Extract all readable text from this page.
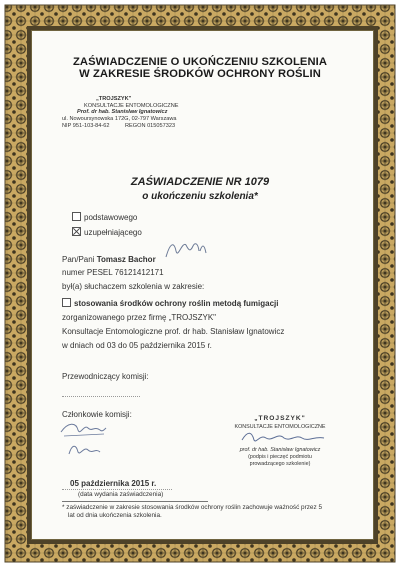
ZAŚWIADCZENIE O UKOŃCZENIU SZKOLENIA
W ZAKRESIE ŚRODKÓW OCHRONY ROŚLIN
„TROJSZYK"
KONSULTACJE ENTOMOLOGICZNE
Prof. dr hab. Stanisław Ignatowicz
ul. Nowoursynowska 172G, 02-797 Warszawa
NIP 951-103-84-62	REGON 015057323
ZAŚWIADCZENIE NR 1079
o ukończeniu szkolenia*
podstawowego
uzupełniającego
Pan/Pani Tomasz Bachor
numer PESEL 76121412171
był(a) słuchaczem szkolenia w zakresie:
stosowania środków ochrony roślin metodą fumigacji
zorganizowanego przez firmę „TROJSZYK"
Konsultacje Entomologiczne prof. dr hab. Stanisław Ignatowicz
w dniach od 03 do 05 października 2015 r.
Przewodniczący komisji:
Członkowie komisji:	„TROJSZYK"
KONSULTACJE ENTOMOLOGICZNE
prof. dr hab. Stanisław Ignatowicz
(podpis i pieczęć podmiotu
prowadzącego szkolenie)
05 października 2015 r.
(data wydania zaświadczenia)
* zaświadczenie w zakresie stosowania środków ochrony roślin zachowuje ważność przez 5
lat od dnia ukończenia szkolenia.
